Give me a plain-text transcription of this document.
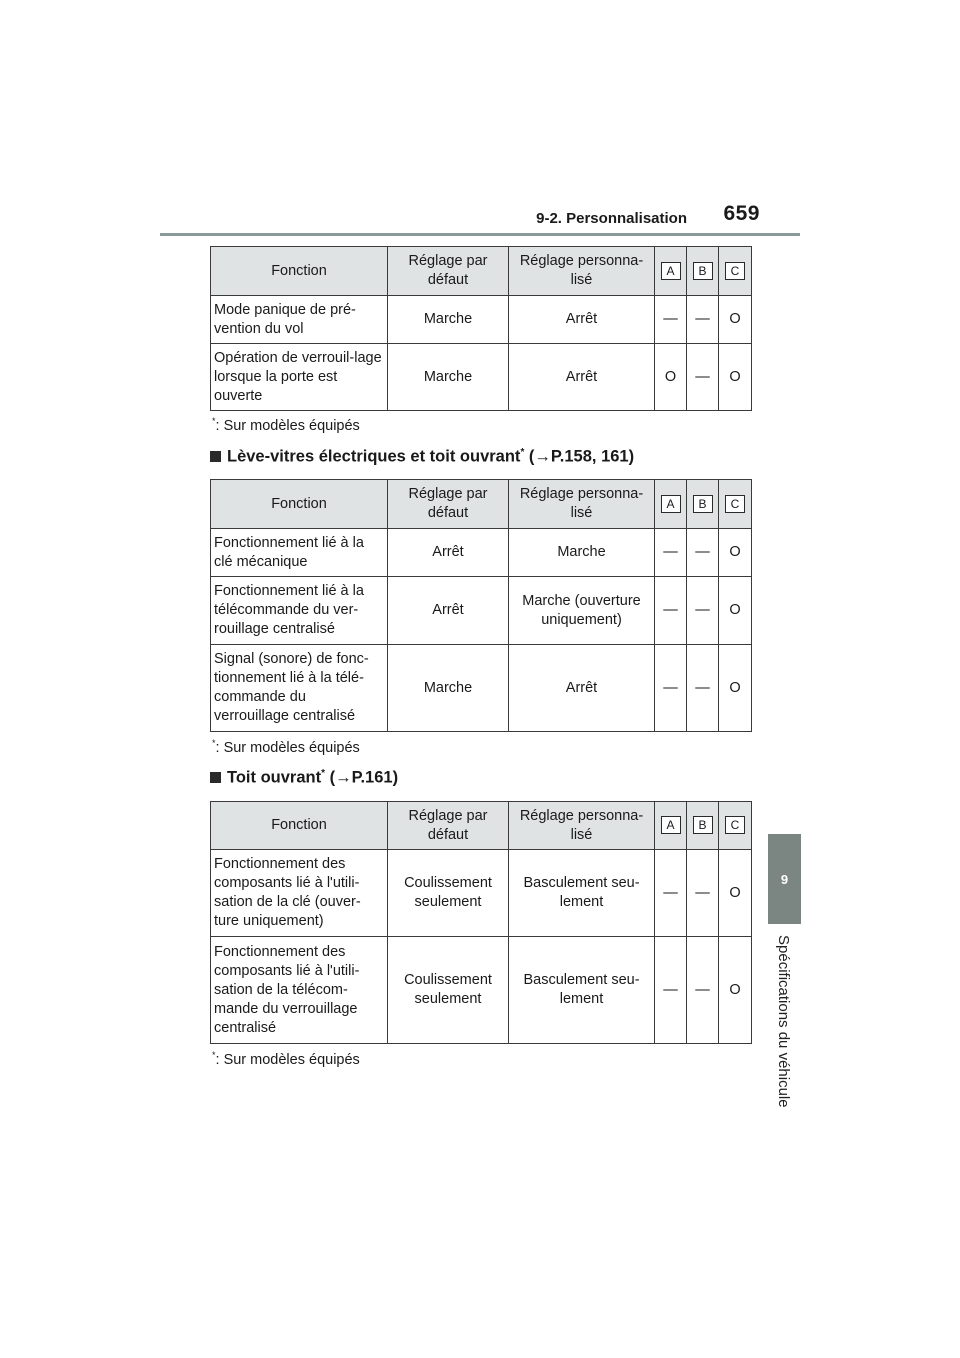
9-2. Personnalisation 659
9
Spécifications du véhicule
Fonction	Réglage par défaut	Réglage personna-lisé	A	B	C
Mode panique de pré-vention du vol	Marche	Arrêt	—	—	O
Opération de verrouil-lage lorsque la porte est ouverte	Marche	Arrêt	O	—	O
*: Sur modèles équipés
Lève-vitres électriques et toit ouvrant* (→P.158, 161)
Fonction	Réglage par défaut	Réglage personna-lisé	A	B	C
Fonctionnement lié à la clé mécanique	Arrêt	Marche	—	—	O
Fonctionnement lié à la télécommande du ver-rouillage centralisé	Arrêt	Marche (ouverture uniquement)	—	—	O
Signal (sonore) de fonc-tionnement lié à la télé-commande du verrouillage centralisé	Marche	Arrêt	—	—	O
*: Sur modèles équipés
Toit ouvrant* (→P.161)
Fonction	Réglage par défaut	Réglage personna-lisé	A	B	C
Fonctionnement des composants lié à l'utili-sation de la clé (ouver-ture uniquement)	Coulissement seulement	Basculement seu-lement	—	—	O
Fonctionnement des composants lié à l'utili-sation de la télécom-mande du verrouillage centralisé	Coulissement seulement	Basculement seu-lement	—	—	O
*: Sur modèles équipés
